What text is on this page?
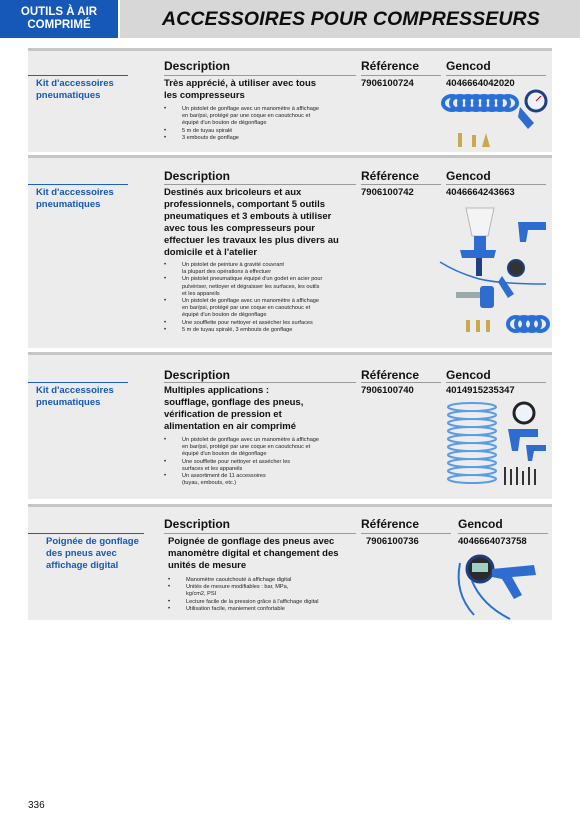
OUTILS À AIR
COMPRIMÉ	ACCESSOIRES POUR COMPRESSEURS
Description	Référence Gencod
Kit d'accessoires
pneumatiques
Très apprécié, à utiliser avec tous
les compresseurs
7906100724	4046664042020
• Un pistolet de gonflage avec un manomètre à affichage
en bar/psi, protégé par une coque en caoutchouc et
équipé d'un bouton de dégonflage
• 5 m de tuyau spiralé
• 3 embouts de gonflage
Description	Référence Gencod
Kit d'accessoires
pneumatiques
Destinés aux bricoleurs et aux
professionnels, comportant 5 outils
pneumatiques et 3 embouts à utiliser
avec tous les compresseurs pour
effectuer les travaux les plus divers au
domicile et à l'atelier
7906100742	4046664243663
• Un pistolet de peinture à gravité couvrant
la plupart des opérations à effectuer
• Un pistolet pneumatique équipé d'un godet en acier pour
pulvériser, nettoyer et dégraisser les surfaces, les outils
et les appareils
• Un pistolet de gonflage avec un manomètre à affichage
en bar/psi, protégé par une coque en caoutchouc et
équipé d'un bouton de dégonflage
• Une soufflette pour nettoyer et assécher les surfaces
• 5 m de tuyau spiralé, 3 embouts de gonflage
Description	Référence Gencod
Kit d'accessoires
pneumatiques
Multiples applications :
soufflage, gonflage des pneus,
vérification de pression et
alimentation en air comprimé
7906100740	4014915235347
• Un pistolet de gonflage avec un manomètre à affichage
en bar/psi, protégé par une coque en caoutchouc et
équipé d'un bouton de dégonflage
• Une soufflette pour nettoyer et assécher les
surfaces et les appareils
• Un assortiment de 11 accessoires
(tuyau, embouts, etc.)
Description	Référence	Gencod
Poignée de gonflage
des pneus avec
affichage digital
Poignée de gonflage des pneus avec
manomètre digital et changement des
unités de mesure
7906100736	4046664073758
• Manomètre caoutchouté à affichage digital
• Unités de mesure modifiables : bar, MPa,
kg/cm2, PSI
• Lecture facile de la pression grâce à l'affichage digital
• Utilisation facile, maniement confortable
336
